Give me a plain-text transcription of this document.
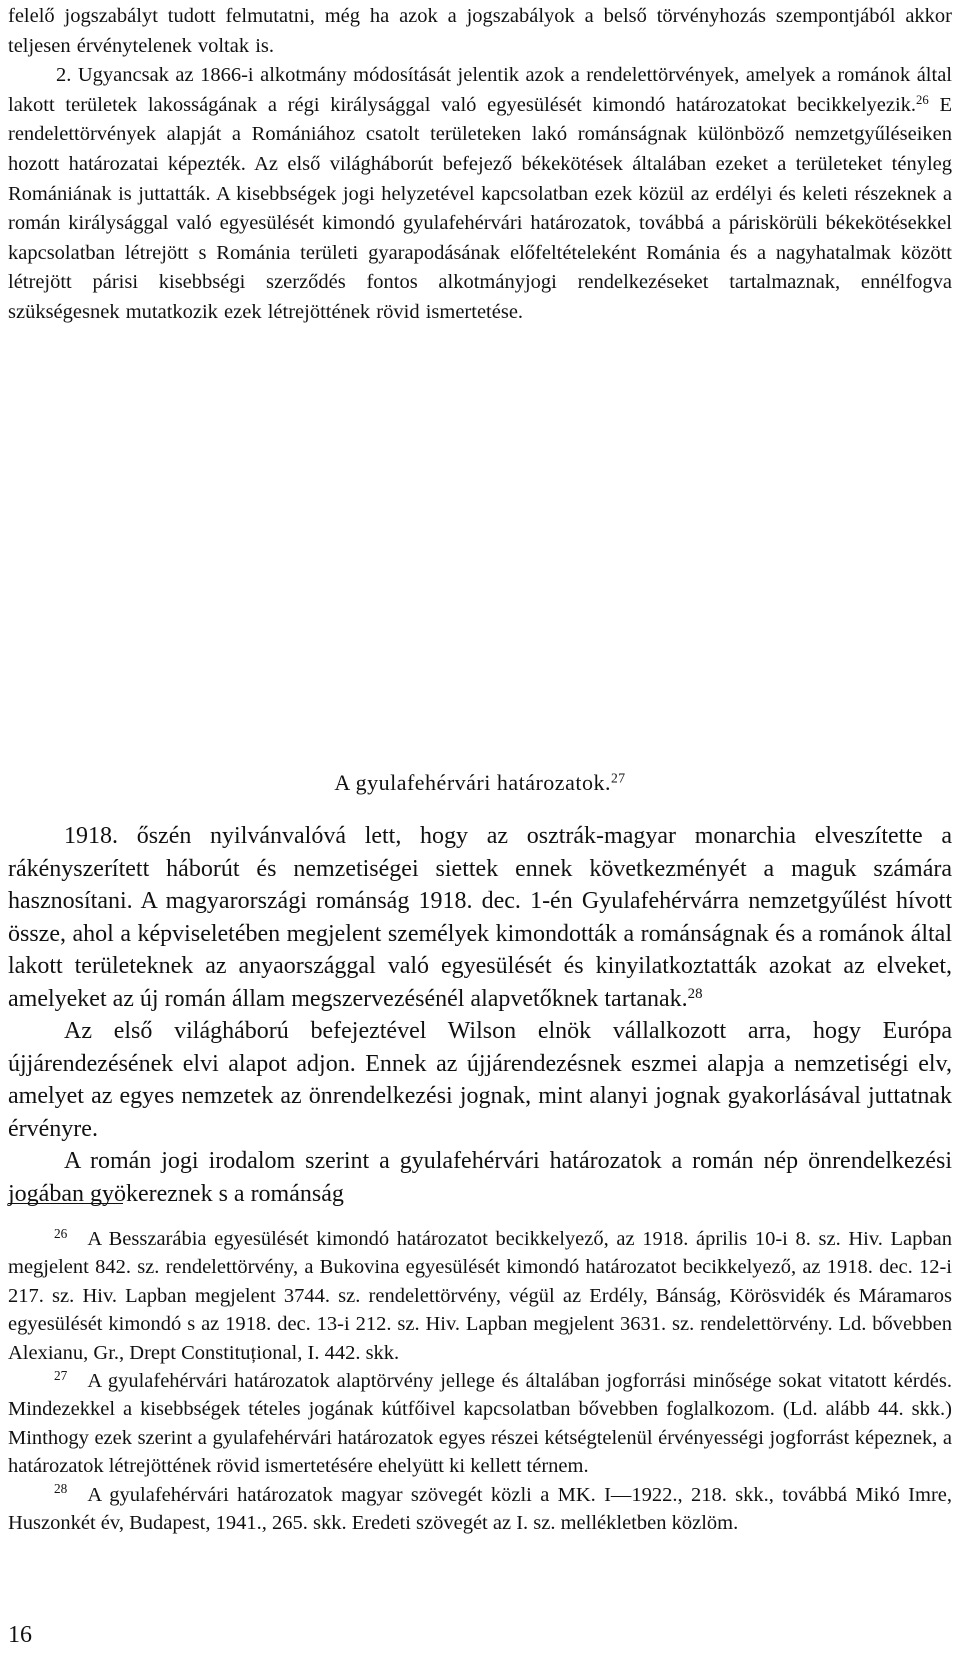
felelő jogszabályt tudott felmutatni, még ha azok a jogszabályok a belső törvényhozás szempontjából akkor teljesen érvénytelenek voltak is.

2. Ugyancsak az 1866-i alkotmány módosítását jelentik azok a rendelettörvények, amelyek a románok által lakott területek lakosságának a régi királysággal való egyesülését kimondó határozatokat becikkelyezik.$^{26}$ E rendelettörvények alapját a Romániához csatolt területeken lakó románságnak különböző nemzetgyűléseiken hozott határozatai képezték. Az első világháborút befejező békekötések általában ezeket a területeket tényleg Romániának is juttatták. A kisebbségek jogi helyzetével kapcsolatban ezek közül az erdélyi és keleti részeknek a román királysággal való egyesülését kimondó gyulafehérvári határozatok, továbbá a páriskörüli békekötésekkel kapcsolatban létrejött s Románia területi gyarapodásának előfeltételeként Románia és a nagyhatalmak között létrejött párisi kisebbségi szerződés fontos alkotmányjogi rendelkezéseket tartalmaznak, ennélfogva szükségesnek mutatkozik ezek létrejöttének rövid ismertetése.

A gyulafehérvári határozatok.$^{27}$

1918. őszén nyilvánvalóvá lett, hogy az osztrák-magyar monarchia elveszítette a rákényszerített háborút és nemzetiségei siettek ennek következményét a maguk számára hasznosítani. A magyarországi románság 1918. dec. 1-én Gyulafehérvárra nemzetgyűlést hívott össze, ahol a képviseletében megjelent személyek kimondották a románságnak és a románok által lakott területeknek az anyaországgal való egyesülését és kinyilatkoztatták azokat az elveket, amelyeket az új román állam megszervezésénél alapvetőknek tartanak.$^{28}$

Az első világháború befejeztével Wilson elnök vállalkozott arra, hogy Európa újjárendezésének elvi alapot adjon. Ennek az újjárendezésnek eszmei alapja a nemzetiségi elv, amelyet az egyes nemzetek az önrendelkezési jognak, mint alanyi jognak gyakorlásával juttatnak érvényre.

A román jogi irodalom szerint a gyulafehérvári határozatok a román nép önrendelkezési jogában gyökereznek s a románság

$^{26}$ A Besszarábia egyesülését kimondó határozatot becikkelyező, az 1918. április 10-i 8. sz. Hiv. Lapban megjelent 842. sz. rendelettörvény, a Bukovina egyesülését kimondó határozatot becikkelyező, az 1918. dec. 12-i 217. sz. Hiv. Lapban megjelent 3744. sz. rendelettörvény, végül az Erdély, Bánság, Körösvidék és Máramaros egyesülését kimondó s az 1918. dec. 13-i 212. sz. Hiv. Lapban megjelent 3631. sz. rendelettörvény. Ld. bővebben Alexianu, Gr., Drept Constituțional, I. 442. skk.

$^{27}$ A gyulafehérvári határozatok alaptörvény jellege és általában jogforrási minősége sokat vitatott kérdés. Mindezekkel a kisebbségek tételes jogának kútfőivel kapcsolatban bővebben foglalkozom. (Ld. alább 44. skk.) Minthogy ezek szerint a gyulafehérvári határozatok egyes részei kétségtelenül érvényességi jogforrást képeznek, a határozatok létrejöttének rövid ismertetésére ehelyütt ki kellett térnem.

$^{28}$ A gyulafehérvári határozatok magyar szövegét közli a MK. I—1922., 218. skk., továbbá Mikó Imre, Huszonkét év, Budapest, 1941., 265. skk. Eredeti szövegét az I. sz. mellékletben közlöm.

16
